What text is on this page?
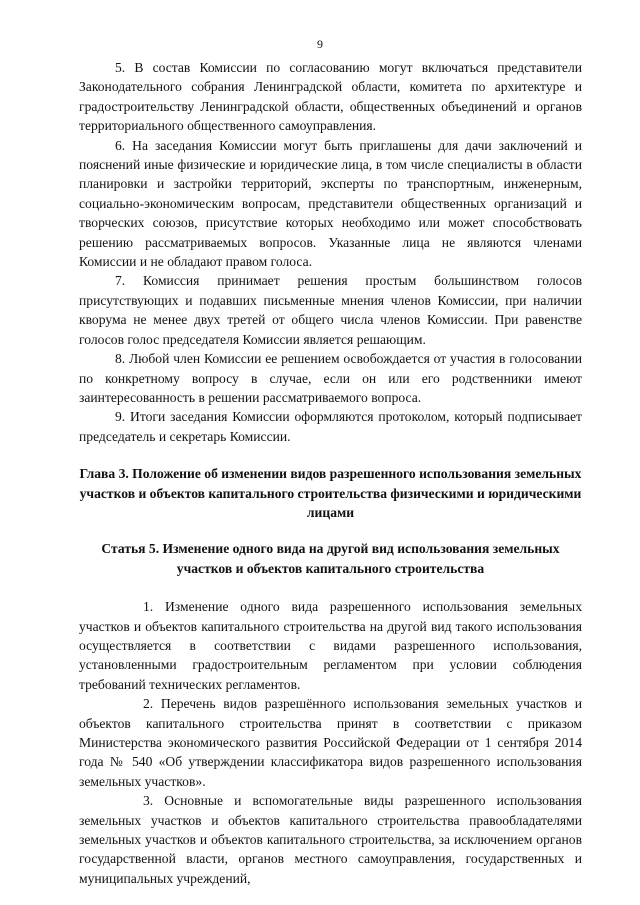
9

5. В состав Комиссии по согласованию могут включаться представители Законодательного собрания Ленинградской области, комитета по архитектуре и градостроительству Ленинградской области, общественных объединений и органов территориального общественного самоуправления.

6. На заседания Комиссии могут быть приглашены для дачи заключений и пояснений иные физические и юридические лица, в том числе специалисты в области планировки и застройки территорий, эксперты по транспортным, инженерным, социально-экономическим вопросам, представители общественных организаций и творческих союзов, присутствие которых необходимо или может способствовать решению рассматриваемых вопросов. Указанные лица не являются членами Комиссии и не обладают правом голоса.

7. Комиссия принимает решения простым большинством голосов присутствующих и подавших письменные мнения членов Комиссии, при наличии кворума не менее двух третей от общего числа членов Комиссии. При равенстве голосов голос председателя Комиссии является решающим.

8. Любой член Комиссии ее решением освобождается от участия в голосовании по конкретному вопросу в случае, если он или его родственники имеют заинтересованность в решении рассматриваемого вопроса.

9. Итоги заседания Комиссии оформляются протоколом, который подписывает председатель и секретарь Комиссии.

Глава 3. Положение об изменении видов разрешенного использования земельных участков и объектов капитального строительства физическими и юридическими лицами

Статья 5. Изменение одного вида на другой вид использования земельных участков и объектов капитального строительства

1. Изменение одного вида разрешенного использования земельных участков и объектов капитального строительства на другой вид такого использования осуществляется в соответствии с видами разрешенного использования, установленными градостроительным регламентом при условии соблюдения требований технических регламентов.

2. Перечень видов разрешённого использования земельных участков и объектов капитального строительства принят в соответствии с приказом Министерства экономического развития Российской Федерации от 1 сентября 2014 года № 540 «Об утверждении классификатора видов разрешенного использования земельных участков».

3. Основные и вспомогательные виды разрешенного использования земельных участков и объектов капитального строительства правообладателями земельных участков и объектов капитального строительства, за исключением органов государственной власти, органов местного самоуправления, государственных и муниципальных учреждений,
